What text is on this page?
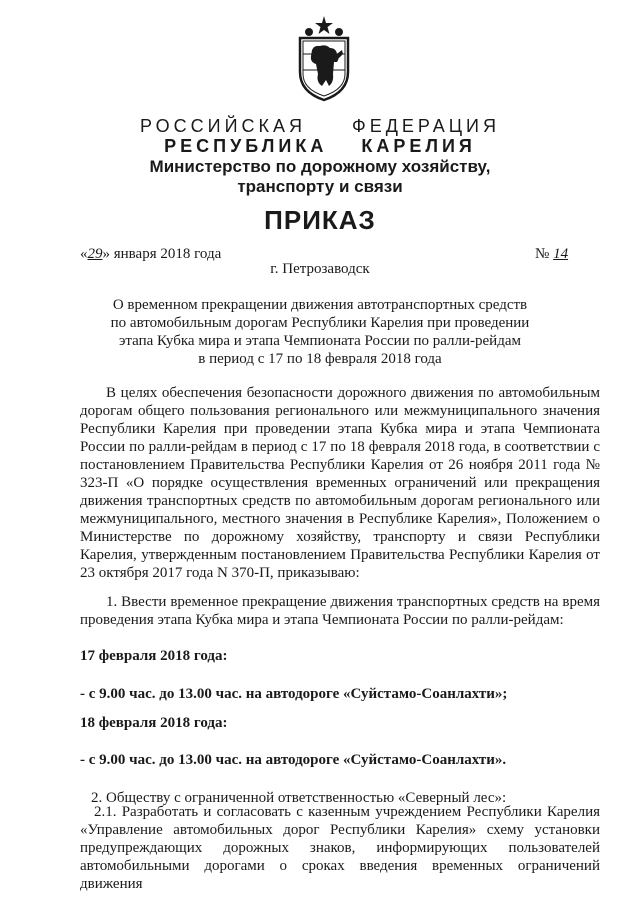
РОССИЙСКАЯ	ФЕДЕРАЦИЯ
РЕСПУБЛИКА КАРЕЛИЯ
Министерство по дорожному хозяйству,
транспорту и связи
ПРИКАЗ
«29» января 2018 года	№ 14
г. Петрозаводск
О временном прекращении движения автотранспортных средств
по автомобильным дорогам Республики Карелия при проведении
этапа Кубка мира и этапа Чемпионата России по ралли-рейдам
в период с 17 по 18 февраля 2018 года
В целях обеспечения безопасности дорожного движения по автомобильным дорогам общего пользования регионального или межмуниципального значения Республики Карелия при проведении этапа Кубка мира и этапа Чемпионата России по ралли-рейдам в период с 17 по 18 февраля 2018 года, в соответствии с постановлением Правительства Республики Карелия от 26 ноября 2011 года № 323-П «О порядке осуществления временных ограничений или прекращения движения транспортных средств по автомобильным дорогам регионального или межмуниципального, местного значения в Республике Карелия», Положением о Министерстве по дорожному хозяйству, транспорту и связи Республики Карелия, утвержденным постановлением Правительства Республики Карелия от 23 октября 2017 года N 370-П, приказываю:
1. Ввести временное прекращение движения транспортных средств на время проведения этапа Кубка мира и этапа Чемпионата России по ралли-рейдам:
17 февраля 2018 года:
- с 9.00 час. до 13.00 час. на автодороге «Суйстамо-Соанлахти»;
18 февраля 2018 года:
- с 9.00 час. до 13.00 час. на автодороге «Суйстамо-Соанлахти».
2. Обществу с ограниченной ответственностью «Северный лес»:
2.1. Разработать и согласовать с казенным учреждением Республики Карелия «Управление автомобильных дорог Республики Карелия» схему установки предупреждающих дорожных знаков, информирующих пользователей автомобильными дорогами о сроках введения временных ограничений движения
